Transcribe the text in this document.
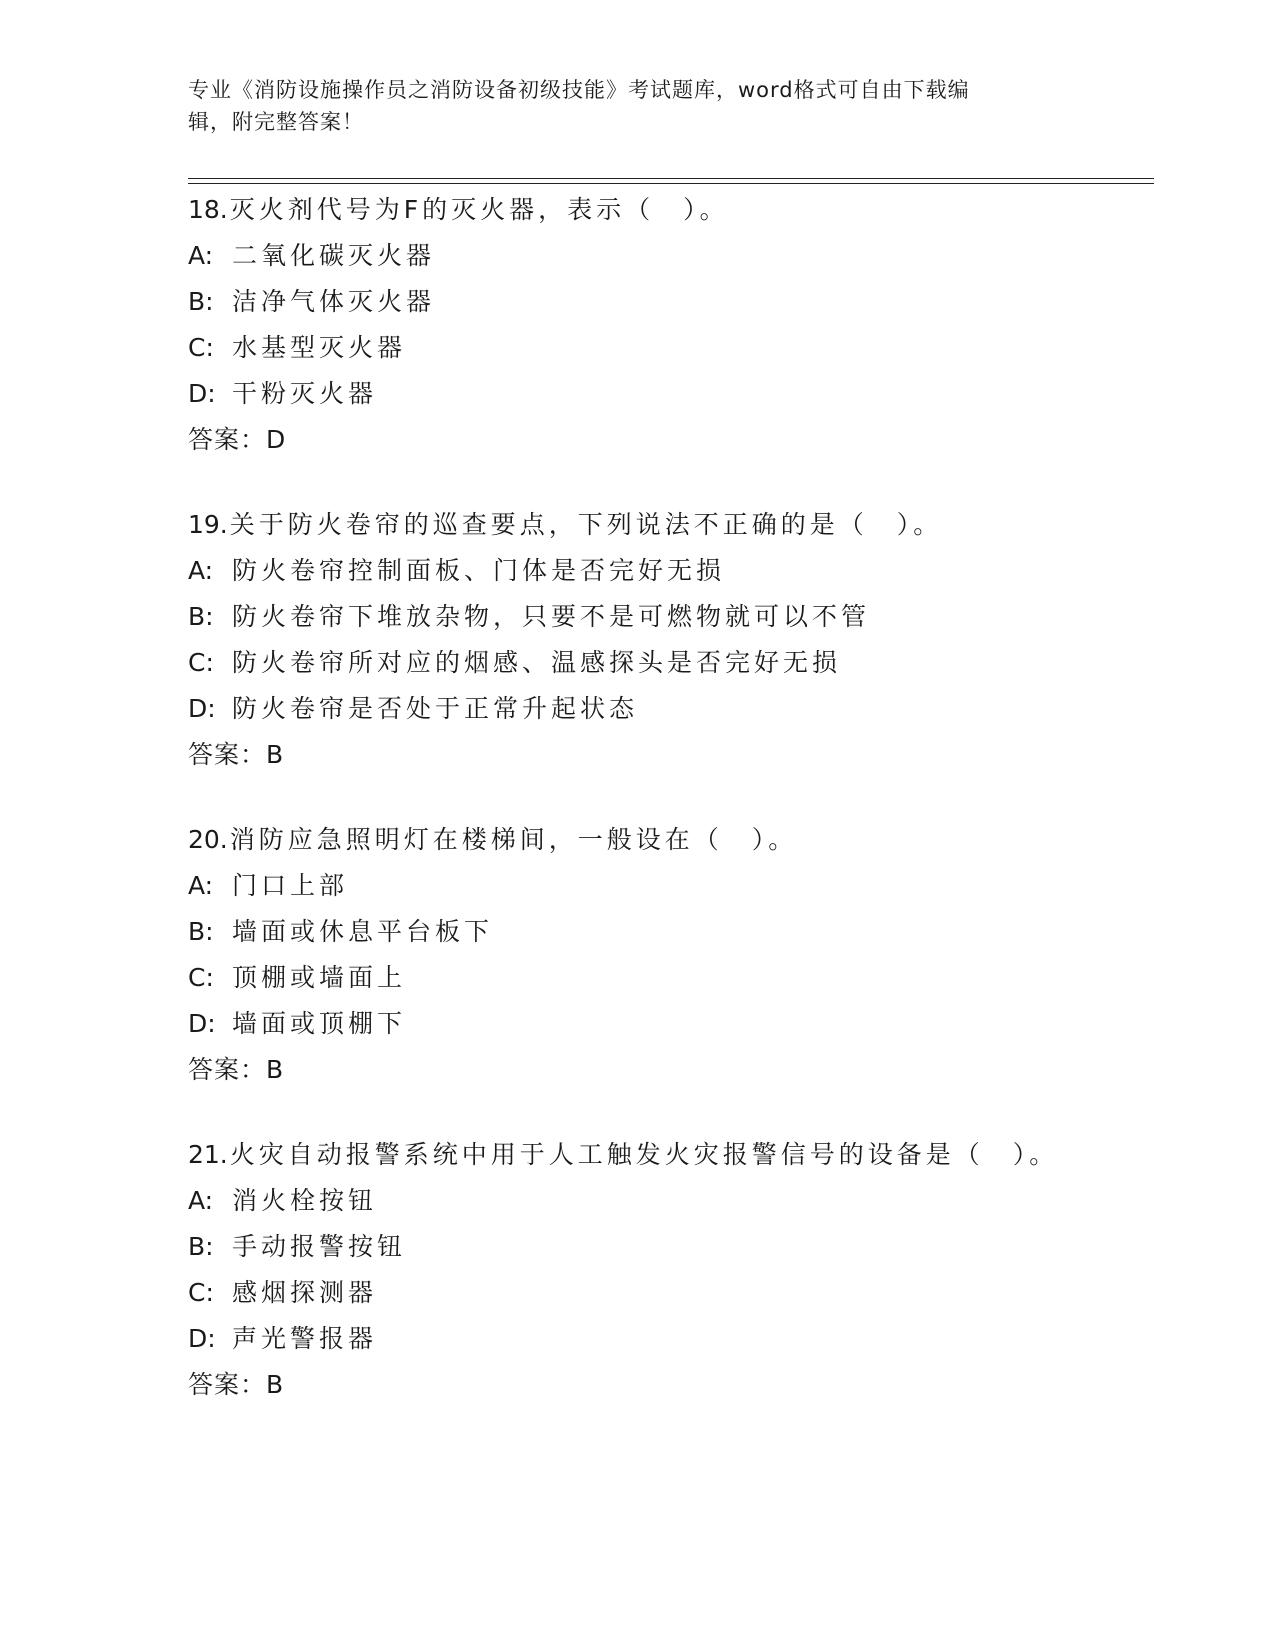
专业《消防设施操作员之消防设备初级技能》考试题库，word格式可自由下载编
辑，附完整答案！
18.灭火剂代号为F的灭火器，表示（　）。
A: 二氧化碳灭火器
B: 洁净气体灭火器
C: 水基型灭火器
D: 干粉灭火器
答案：D
19.关于防火卷帘的巡查要点，下列说法不正确的是（　）。
A: 防火卷帘控制面板、门体是否完好无损
B: 防火卷帘下堆放杂物，只要不是可燃物就可以不管
C: 防火卷帘所对应的烟感、温感探头是否完好无损
D: 防火卷帘是否处于正常升起状态
答案：B
20.消防应急照明灯在楼梯间，一般设在（　）。
A: 门口上部
B: 墙面或休息平台板下
C: 顶棚或墙面上
D: 墙面或顶棚下
答案：B
21.火灾自动报警系统中用于人工触发火灾报警信号的设备是（　）。
A: 消火栓按钮
B: 手动报警按钮
C: 感烟探测器
D: 声光警报器
答案：B
